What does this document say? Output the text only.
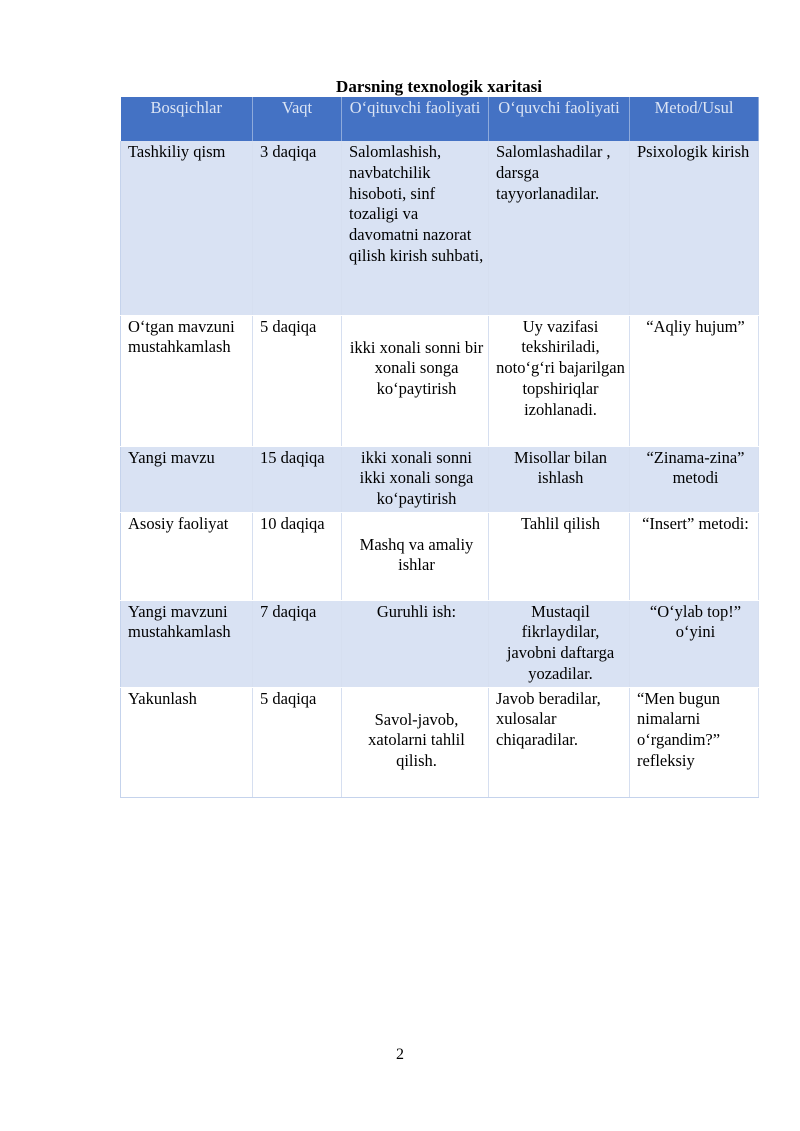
Darsning texnologik xaritasi
Bosqichlar	Vaqt	O‘qituvchi faoliyati	O‘quvchi faoliyati	Metod/Usul
Tashkiliy qism	3 daqiqa	Salomlashish, navbatchilik hisoboti, sinf tozaligi va davomatni nazorat qilish kirish suhbati,	Salomlashadilar , darsga tayyorlanadilar.	Psixologik kirish
O‘tgan mavzuni mustahkamlash	5 daqiqa	ikki xonali sonni bir xonali songa ko‘paytirish	Uy vazifasi tekshiriladi, noto‘g‘ri bajarilgan topshiriqlar izohlanadi.	“Aqliy hujum”
Yangi mavzu	15 daqiqa	ikki xonali sonni ikki xonali songa ko‘paytirish	Misollar bilan ishlash	“Zinama-zina” metodi
Asosiy faoliyat	10 daqiqa	Mashq va amaliy ishlar	Tahlil qilish	“Insert” metodi:
Yangi mavzuni mustahkamlash	7 daqiqa	Guruhli ish:	Mustaqil fikrlaydilar, javobni daftarga yozadilar.	“O‘ylab top!” o‘yini
Yakunlash	5 daqiqa	Savol-javob, xatolarni tahlil qilish.	Javob beradilar, xulosalar chiqaradilar.	“Men bugun nimalarni o‘rgandim?” refleksiy
2
